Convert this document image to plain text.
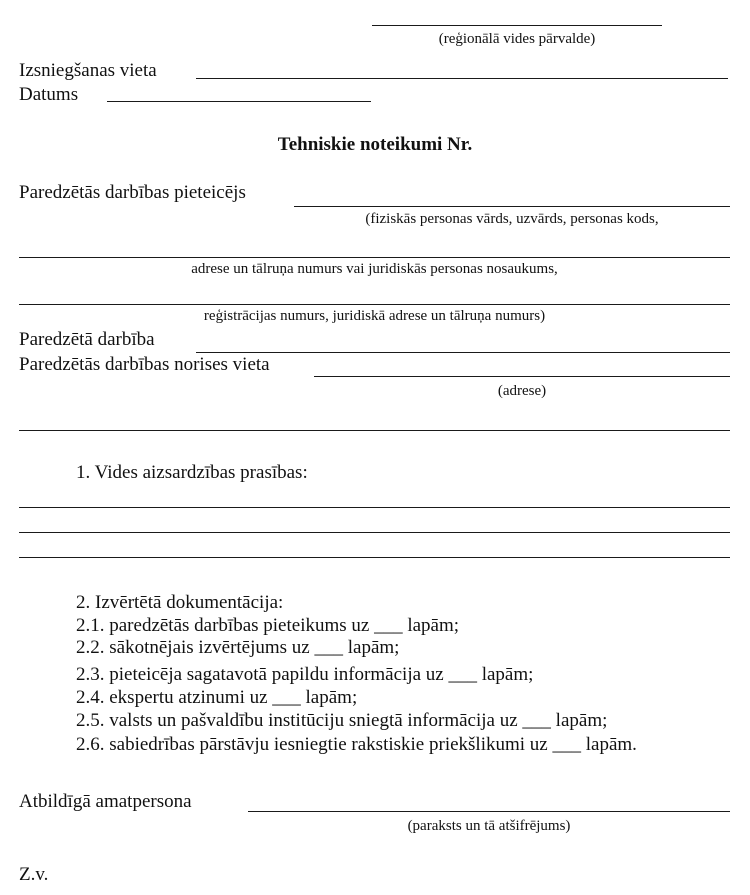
(reģionālā vides pārvalde)
Izsniegšanas vieta
Datums
Tehniskie noteikumi Nr.
Paredzētās darbības pieteicējs
(fiziskās personas vārds, uzvārds, personas kods,
adrese un tālruņa numurs vai juridiskās personas nosaukums,
reģistrācijas numurs, juridiskā adrese un tālruņa numurs)
Paredzētā darbība
Paredzētās darbības norises vieta
(adrese)
1. Vides aizsardzības prasības:
2. Izvērtētā dokumentācija:
2.1. paredzētās darbības pieteikums uz ___ lapām;
2.2. sākotnējais izvērtējums uz ___ lapām;
2.3. pieteicēja sagatavotā papildu informācija uz ___ lapām;
2.4. ekspertu atzinumi uz ___ lapām;
2.5. valsts un pašvaldību institūciju sniegtā informācija uz ___ lapām;
2.6. sabiedrības pārstāvju iesniegtie rakstiskie priekšlikumi uz ___ lapām.
Atbildīgā amatpersona
(paraksts un tā atšifrējums)
Z.v.
